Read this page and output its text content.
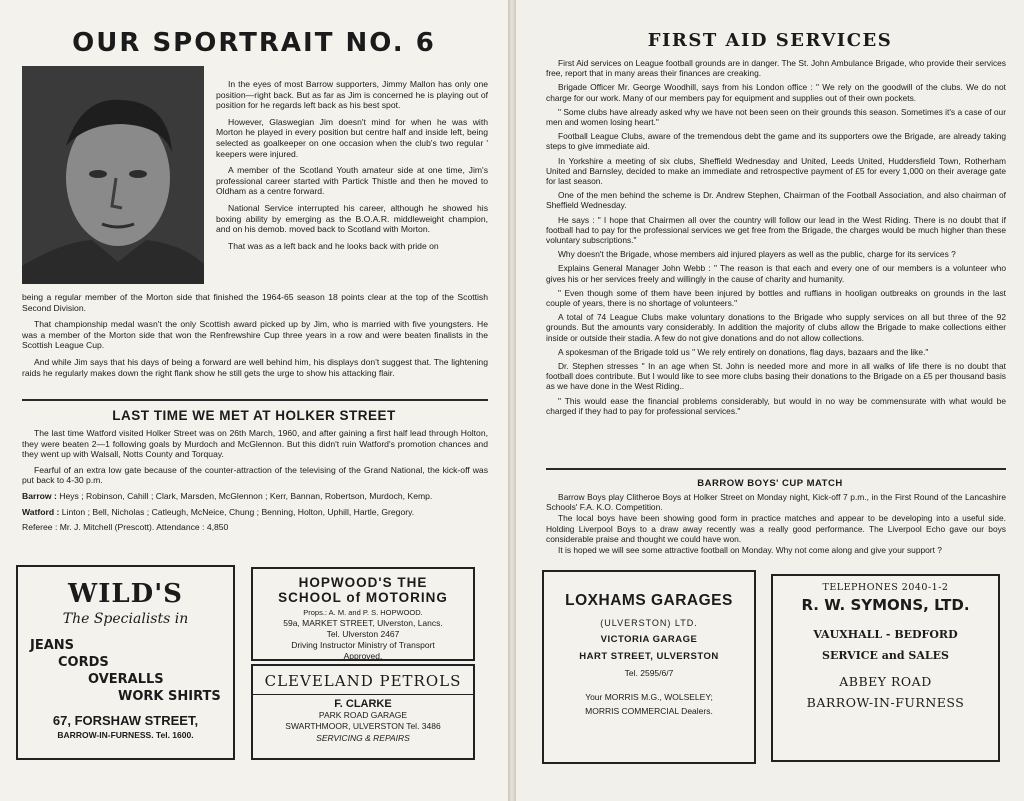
OUR SPORTRAIT NO. 6

In the eyes of most Barrow supporters, Jimmy Mallon has only one position—right back. But as far as Jim is concerned he is playing out of position for he regards left back as his best spot.

However, Glaswegian Jim doesn't mind for when he was with Morton he played in every position but centre half and inside left, being selected as goalkeeper on one occasion when the club's two regular ' keepers were injured.

A member of the Scotland Youth amateur side at one time, Jim's professional career started with Partick Thistle and then he moved to Oldham as a centre forward.

National Service interrupted his career, although he showed his boxing ability by emerging as the B.O.A.R. middleweight champion, and on his demob. moved back to Scotland with Morton.

That was as a left back and he looks back with pride on

being a regular member of the Morton side that finished the 1964-65 season 18 points clear at the top of the Scottish Second Division.

That championship medal wasn't the only Scottish award picked up by Jim, who is married with five youngsters. He was a member of the Morton side that won the Renfrewshire Cup three years in a row and were beaten finalists in the Scottish League Cup.

And while Jim says that his days of being a forward are well behind him, his displays don't suggest that. The lightening raids he regularly makes down the right flank show he still gets the urge to show his attacking flair.

LAST TIME WE MET AT HOLKER STREET

The last time Watford visited Holker Street was on 26th March, 1960, and after gaining a first half lead through Holton, they were beaten 2—1 following goals by Murdoch and McGlennon. But this didn't ruin Watford's promotion chances and they went up with Walsall, Notts County and Torquay.

Fearful of an extra low gate because of the counter-attraction of the televising of the Grand National, the kick-off was put back to 4-30 p.m.

Barrow : Heys ; Robinson, Cahill ; Clark, Marsden, McGlennon ; Kerr, Bannan, Robertson, Murdoch, Kemp.

Watford : Linton ; Bell, Nicholas ; Catleugh, McNeice, Chung ; Benning, Holton, Uphill, Hartle, Gregory.

Referee : Mr. J. Mitchell (Prescott). Attendance : 4,850

WILD'S
The Specialists in
JEANS
CORDS
OVERALLS
WORK SHIRTS
67, FORSHAW STREET,
BARROW-IN-FURNESS. Tel. 1600.
HOPWOOD'S THE
SCHOOL of MOTORING
Props.: A. M. and P. S. HOPWOOD.
59a, MARKET STREET, Ulverston, Lancs.
Tel. Ulverston 2467
Driving Instructor Ministry of Transport
Approved.
CLEVELAND PETROLS
F. CLARKE
PARK ROAD GARAGE
SWARTHMOOR, ULVERSTON Tel. 3486
SERVICING & REPAIRS
FIRST AID SERVICES

First Aid services on League football grounds are in danger. The St. John Ambulance Brigade, who provide their services free, report that in many areas their finances are creaking.

Brigade Officer Mr. George Woodhill, says from his London office : " We rely on the goodwill of the clubs. We do not charge for our work. Many of our members pay for equipment and supplies out of their own pockets.

" Some clubs have already asked why we have not been seen on their grounds this season. Sometimes it's a case of our men and women losing heart."

Football League Clubs, aware of the tremendous debt the game and its supporters owe the Brigade, are already taking steps to give immediate aid.

In Yorkshire a meeting of six clubs, Sheffield Wednesday and United, Leeds United, Huddersfield Town, Rotherham United and Barnsley, decided to make an immediate and retrospective payment of £5 for every 1,000 on their average gate for last season.

One of the men behind the scheme is Dr. Andrew Stephen, Chairman of the Football Association, and also chairman of Sheffield Wednesday.

He says : " I hope that Chairmen all over the country will follow our lead in the West Riding. There is no doubt that if football had to pay for the professional services we get free from the Brigade, the charges would be much higher than these voluntary subscriptions."

Why doesn't the Brigade, whose members aid injured players as well as the public, charge for its services ?

Explains General Manager John Webb : " The reason is that each and every one of our members is a volunteer who gives his or her services freely and willingly in the cause of charity and humanity.

" Even though some of them have been injured by bottles and ruffians in hooligan outbreaks on grounds in the last couple of years, there is no shortage of volunteers."

A total of 74 League Clubs make voluntary donations to the Brigade who supply services on all but three of the 92 grounds. But the amounts vary considerably. In addition the majority of clubs allow the Brigade to make collections either inside or outside their stadia. A few do not give donations and do not allow collections.

A spokesman of the Brigade told us " We rely entirely on donations, flag days, bazaars and the like."

Dr. Stephen stresses " In an age when St. John is needed more and more in all walks of life there is no doubt that football does contribute. But I would like to see more clubs basing their donations to the Brigade on a £5 per thousand basis as we have done in the West Riding..

" This would ease the financial problems considerably, but would in no way be commensurate with what would be charged if they had to pay for professional services."

BARROW BOYS' CUP MATCH

Barrow Boys play Clitheroe Boys at Holker Street on Monday night, Kick-off 7 p.m., in the First Round of the Lancashire Schools' F.A. K.O. Competition.

The local boys have been showing good form in practice matches and appear to be developing into a useful side. Holding Liverpool Boys to a draw away recently was a really good performance. The Liverpool Echo gave our boys considerable praise and thought we could have won.

It is hoped we will see some attractive football on Monday. Why not come along and give your support ?

LOXHAMS GARAGES
(ULVERSTON) LTD.
VICTORIA GARAGE
HART STREET, ULVERSTON
Tel. 2595/6/7
Your MORRIS M.G., WOLSELEY;
MORRIS COMMERCIAL Dealers.
TELEPHONES 2040-1-2
R. W. SYMONS, LTD.
VAUXHALL - BEDFORD
SERVICE and SALES
ABBEY ROAD
BARROW-IN-FURNESS
